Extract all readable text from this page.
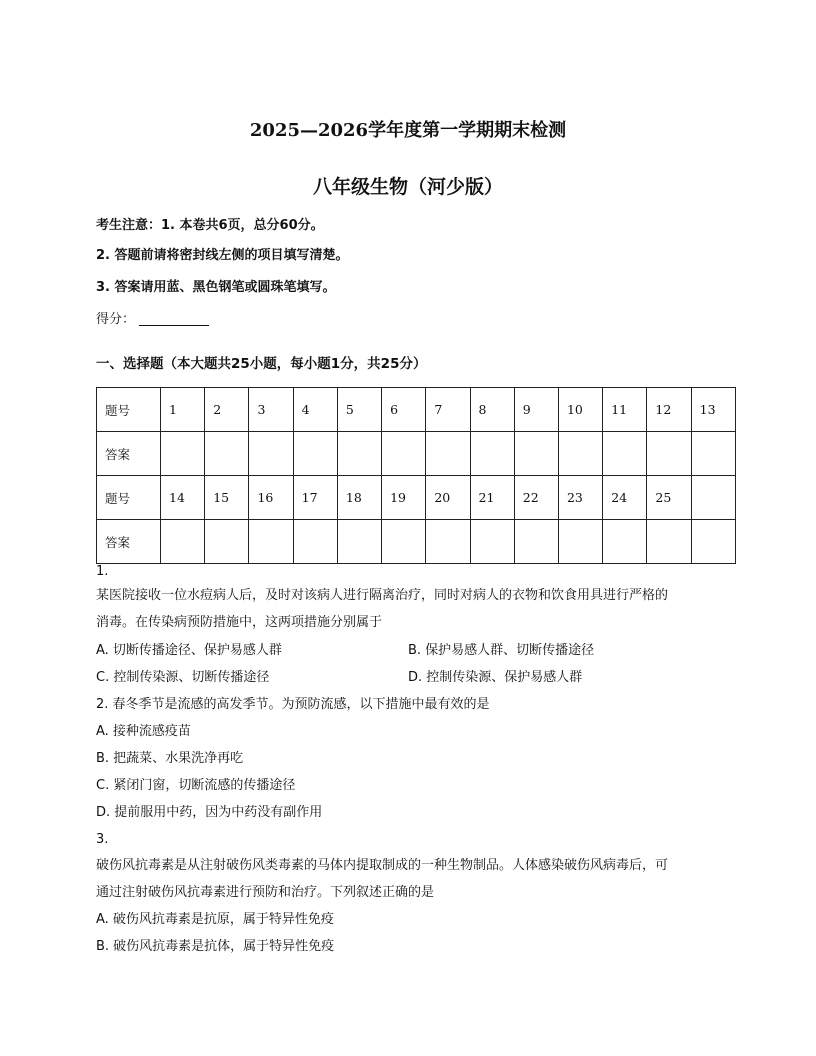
2025—2026学年度第一学期期末检测
八年级生物（河少版）

考生注意：1. 本卷共6页，总分60分。

2. 答题前请将密封线左侧的项目填写清楚。

3. 答案请用蓝、黑色钢笔或圆珠笔填写。

得分：

一、选择题（本大题共25小题，每小题1分，共25分）

题号	1	2	3	4	5	6	7	8	9	10	11	12	13
答案													
题号	14	15	16	17	18	19	20	21	22	23	24	25	
答案													

1.

某医院接收一位水痘病人后，及时对该病人进行隔离治疗，同时对病人的衣物和饮食用具进行严格的

消毒。在传染病预防措施中，这两项措施分别属于

A. 切断传播途径、保护易感人群	B. 保护易感人群、切断传播途径
C. 控制传染源、切断传播途径	D. 控制传染源、保护易感人群

2. 春冬季节是流感的高发季节。为预防流感，以下措施中最有效的是

A. 接种流感疫苗

B. 把蔬菜、水果洗净再吃

C. 紧闭门窗，切断流感的传播途径

D. 提前服用中药，因为中药没有副作用

3.

破伤风抗毒素是从注射破伤风类毒素的马体内提取制成的一种生物制品。人体感染破伤风病毒后，可

通过注射破伤风抗毒素进行预防和治疗。下列叙述正确的是

A. 破伤风抗毒素是抗原，属于特异性免疫

B. 破伤风抗毒素是抗体，属于特异性免疫
